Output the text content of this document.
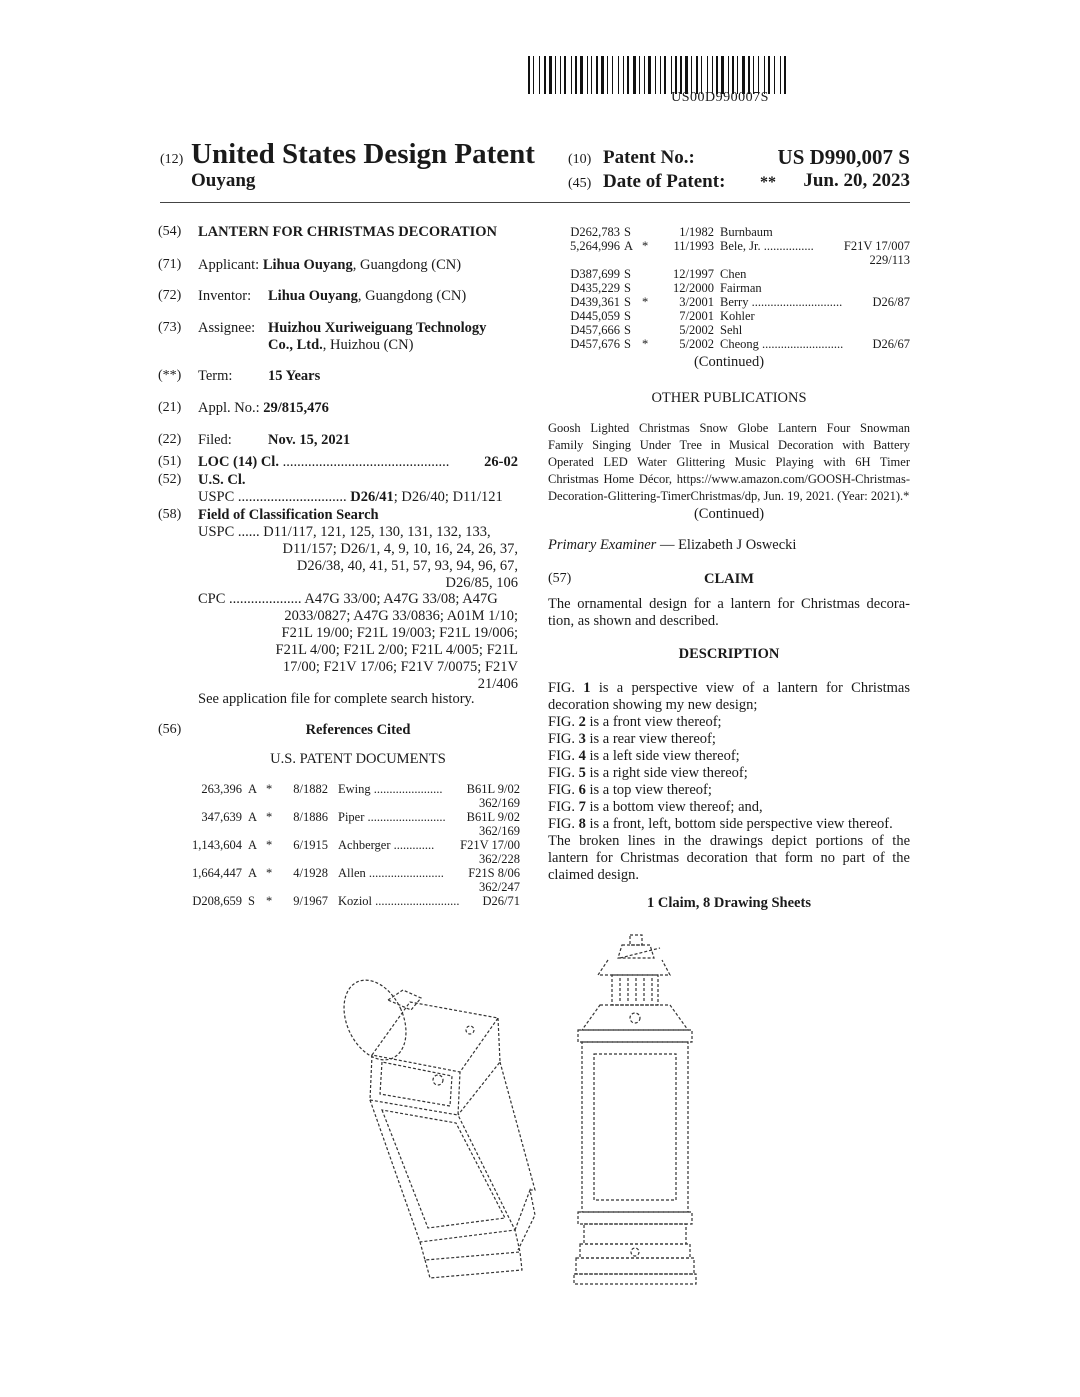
US00D990007S
(12) United States Design Patent
Ouyang
(10) Patent No.:	US D990,007 S
(45) Date of Patent: **	Jun. 20, 2023
(54) LANTERN FOR CHRISTMAS DECORATION
(71) Applicant: Lihua Ouyang, Guangdong (CN)
(72) Inventor: Lihua Ouyang, Guangdong (CN)
(73) Assignee: Huizhou Xuriweiguang Technology
Co., Ltd., Huizhou (CN)
(**) Term: 15 Years
(21) Appl. No.: 29/815,476
(22) Filed: Nov. 15, 2021
(51) LOC (14) Cl. ..............................................	26-02
(52) U.S. Cl.
USPC .............................. D26/41; D26/40; D11/121
(58) Field of Classification Search
USPC ...... D11/117, 121, 125, 130, 131, 132, 133,
D11/157; D26/1, 4, 9, 10, 16, 24, 26, 37,
D26/38, 40, 41, 51, 57, 93, 94, 96, 67,
D26/85, 106
CPC .................... A47G 33/00; A47G 33/08; A47G
2033/0827; A47G 33/0836; A01M 1/10;
F21L 19/00; F21L 19/003; F21L 19/006;
F21L 4/00; F21L 2/00; F21L 4/005; F21L
17/00; F21V 17/06; F21V 7/0075; F21V
21/406
See application file for complete search history.
(56)	References Cited
U.S. PATENT DOCUMENTS
263,396 A *	8/1882 Ewing ......................	B61L 9/02
362/169
347,639 A *	8/1886 Piper .........................	B61L 9/02
362/169
1,143,604 A *	6/1915 Achberger .............	F21V 17/00
362/228
1,664,447 A *	4/1928 Allen ........................	F21S 8/06
362/247
D208,659 S *	9/1967 Koziol ...........................	D26/71
D262,783 S	1/1982 Burnbaum
5,264,996 A *	11/1993 Bele, Jr. ................	F21V 17/007
229/113
D387,699 S	12/1997 Chen
D435,229 S	12/2000 Fairman
D439,361 S *	3/2001 Berry .............................	D26/87
D445,059 S	7/2001 Kohler
D457,666 S	5/2002 Sehl
D457,676 S *	5/2002 Cheong ..........................	D26/67
(Continued)
OTHER PUBLICATIONS
Goosh Lighted Christmas Snow Globe Lantern Four Snowman
Family Singing Under Tree in Musical Decoration with Battery
Operated LED Water Glittering Music Playing with 6H Timer
Christmas Home Décor, https://www.amazon.com/GOOSH-Christmas-
Decoration-Glittering-TimerChristmas/dp, Jun. 19, 2021. (Year: 2021).*
(Continued)
Primary Examiner — Elizabeth J Oswecki
(57)	CLAIM
The ornamental design for a lantern for Christmas decora-
tion, as shown and described.
DESCRIPTION
FIG. 1 is a perspective view of a lantern for Christmas
decoration showing my new design;
FIG. 2 is a front view thereof;
FIG. 3 is a rear view thereof;
FIG. 4 is a left side view thereof;
FIG. 5 is a right side view thereof;
FIG. 6 is a top view thereof;
FIG. 7 is a bottom view thereof; and,
FIG. 8 is a front, left, bottom side perspective view thereof.
The broken lines in the drawings depict portions of the
lantern for Christmas decoration that form no part of the
claimed design.
1 Claim, 8 Drawing Sheets
